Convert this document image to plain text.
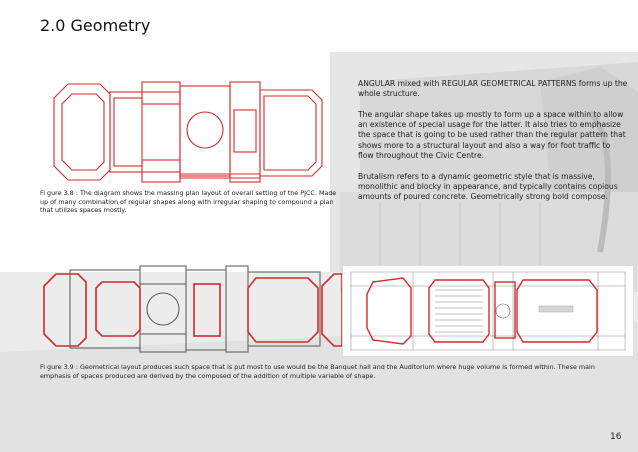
2.0 Geometry

Fi gure 3.8 : The diagram shows the massing plan layout of overall setting of the PJCC. Made up of many combination of regular shapes along with irregular shaping to compound a plan that utilizes spaces mostly.

ANGULAR mixed with REGULAR GEOMETRICAL PATTERNS forms up the whole structure.

The angular shape takes up mostly to form up a space within to allow an existence of special usage for the latter. It also tries to emphasize the space that is going to be used rather than the regular pattern that shows more to a structural layout and also a way for foot traffic to flow throughout the Civic Centre.

Brutalism refers to a dynamic geometric style that is massive, monolithic and blocky in appearance, and typically contains copious amounts of poured concrete. Geometrically strong bold compose.

Fi gure 3.9 : Geometrical layout produces such space that is put most to use would be the Banquet hall and the Auditorium where huge volume is formed within. These main emphasis of spaces produced are derived by the composed of the addition of multiple variable of shape.

16
